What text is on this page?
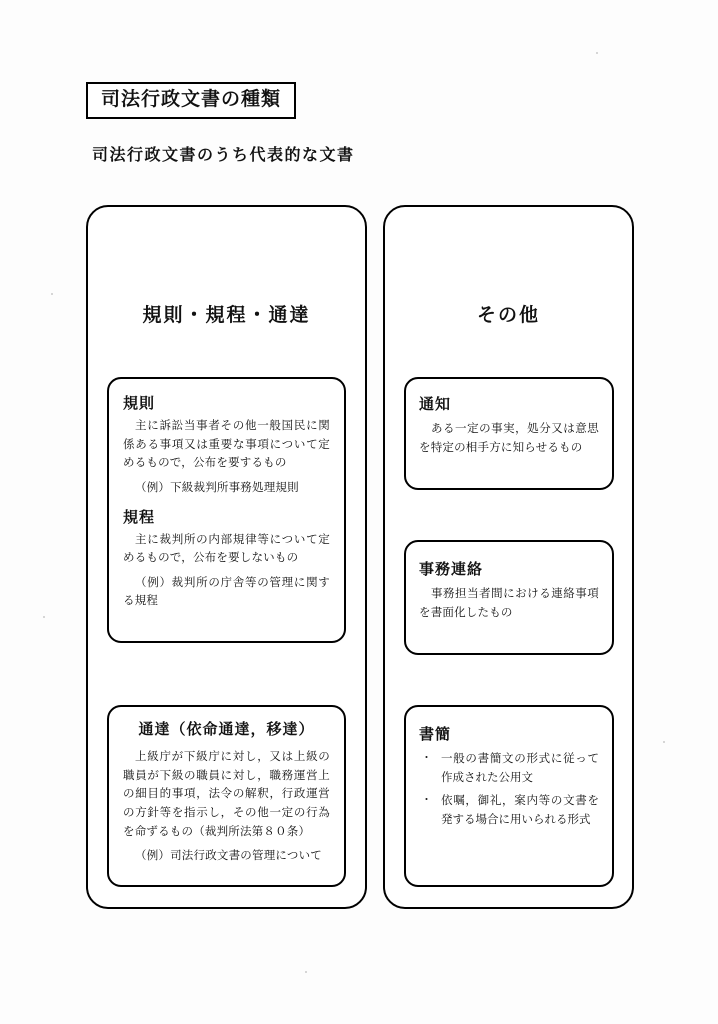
司法行政文書の種類
司法行政文書のうち代表的な文書
規則・規程・通達
規則

主に訴訟当事者その他一般国民に関係ある事項又は重要な事項について定めるもので，公布を要するもの

（例）下級裁判所事務処理規則

規程

主に裁判所の内部規律等について定めるもので，公布を要しないもの

（例）裁判所の庁舎等の管理に関する規程

通達（依命通達，移達）

上級庁が下級庁に対し，又は上級の職員が下級の職員に対し，職務運営上の細目的事項，法令の解釈，行政運営の方針等を指示し，その他一定の行為を命ずるもの（裁判所法第８０条）

（例）司法行政文書の管理について

その他
通知

ある一定の事実，処分又は意思を特定の相手方に知らせるもの

事務連絡

事務担当者間における連絡事項を書面化したもの

書簡
・ 一般の書簡文の形式に従って作成された公用文
・ 依嘱，御礼，案内等の文書を発する場合に用いられる形式
